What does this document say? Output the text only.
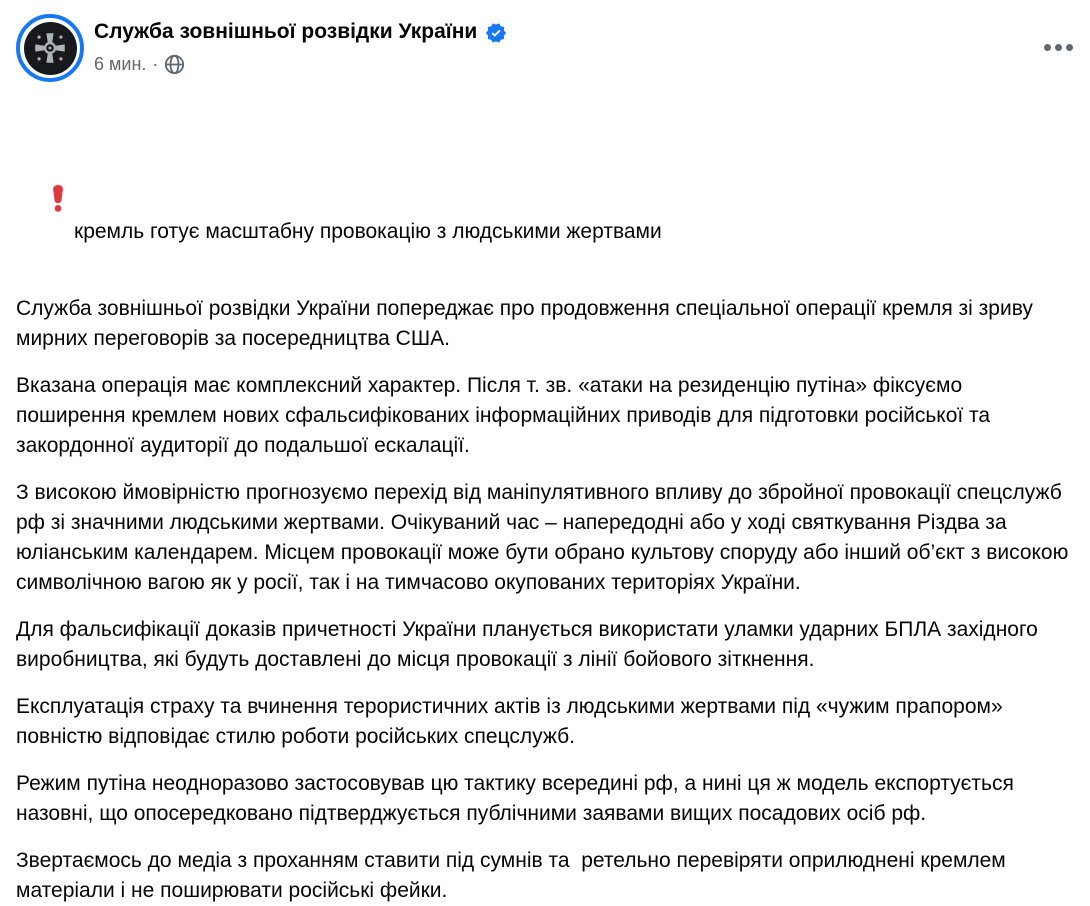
Служба зовнішньої розвідки України
6 мин. ·

кремль готує масштабну провокацію з людськими жертвами

Служба зовнішньої розвідки України попереджає про продовження спеціальної операції кремля зі зриву мирних переговорів за посередництва США.

Вказана операція має комплексний характер. Після т. зв. «атаки на резиденцію путіна» фіксуємо поширення кремлем нових сфальсифікованих інформаційних приводів для підготовки російської та закордонної аудиторії до подальшої ескалації.

З високою ймовірністю прогнозуємо перехід від маніпулятивного впливу до збройної провокації спецслужб рф зі значними людськими жертвами. Очікуваний час – напередодні або у ході святкування Різдва за юліанським календарем. Місцем провокації може бути обрано культову споруду або інший об’єкт з високою символічною вагою як у росії, так і на тимчасово окупованих територіях України.

Для фальсифікації доказів причетності України планується використати уламки ударних БПЛА західного виробництва, які будуть доставлені до місця провокації з лінії бойового зіткнення.

Експлуатація страху та вчинення терористичних актів із людськими жертвами під «чужим прапором» повністю відповідає стилю роботи російських спецслужб.

Режим путіна неодноразово застосовував цю тактику всередині рф, а нині ця ж модель експортується назовні, що опосередковано підтверджується публічними заявами вищих посадових осіб рф.

Звертаємось до медіа з проханням ставити під сумнів та  ретельно перевіряти оприлюднені кремлем матеріали і не поширювати російські фейки.
